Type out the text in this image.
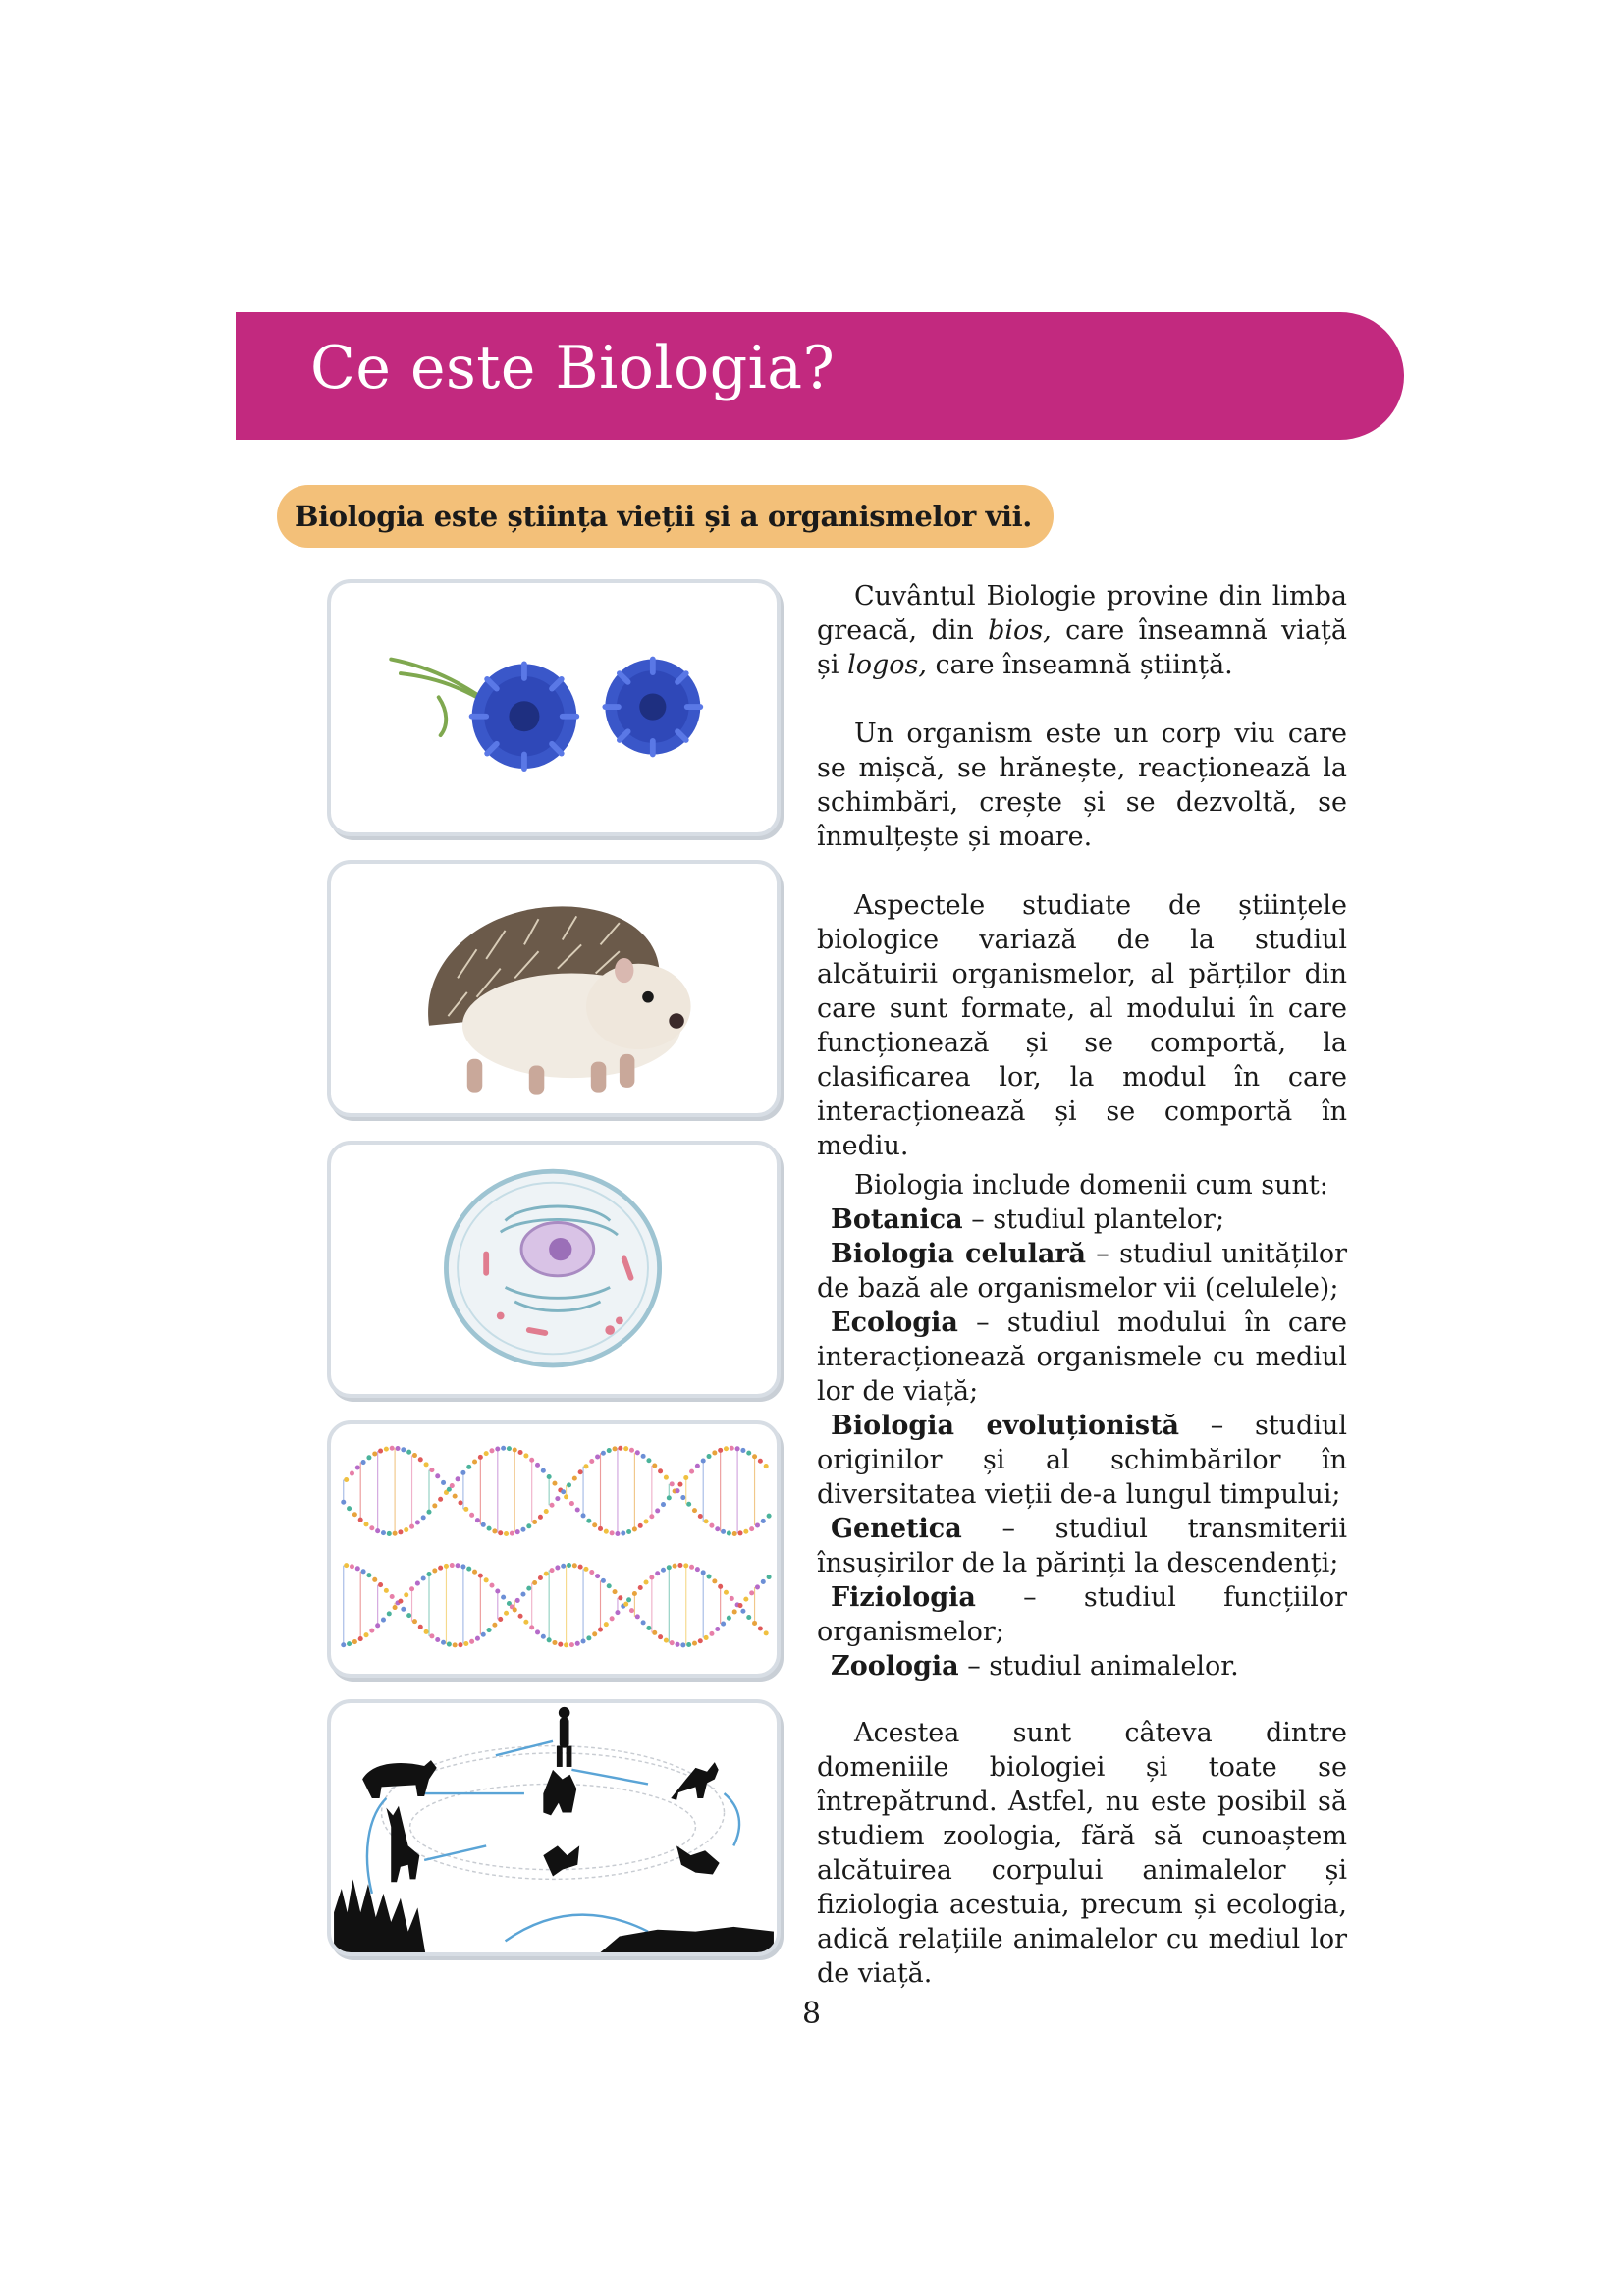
Ce este Biologia?
Biologia este știința vieții și a organismelor vii.

Cuvântul Biologie provine din limba greacă, din bios, care înseamnă viață și logos, care înseamnă știință.

Un organism este un corp viu care se mișcă, se hrănește, reacționează la schimbări, crește și se dezvoltă, se înmulțește și moare.

Aspectele studiate de științele biologice variază de la studiul alcătuirii organismelor, al părților din care sunt formate, al modului în care funcționează și se comportă, la clasificarea lor, la modul în care interacționează și se comportă în mediu.

Biologia include domenii cum sunt:

Botanica – studiul plantelor;

Biologia celulară – studiul unităților de bază ale organismelor vii (celulele);

Ecologia – studiul modului în care interacționează organismele cu mediul lor de viață;

Biologia evoluționistă – studiul originilor și al schimbărilor în diversitatea vieții de-a lungul timpului;

Genetica – studiul transmiterii însușirilor de la părinți la descendenți;

Fiziologia – studiul funcțiilor organismelor;

Zoologia – studiul animalelor.

Acestea sunt câteva dintre domeniile biologiei și toate se întrepătrund. Astfel, nu este posibil să studiem zoologia, fără să cunoaștem alcătuirea corpului animalelor și fiziologia acestuia, precum și ecologia, adică relațiile animalelor cu mediul lor de viață.

8
